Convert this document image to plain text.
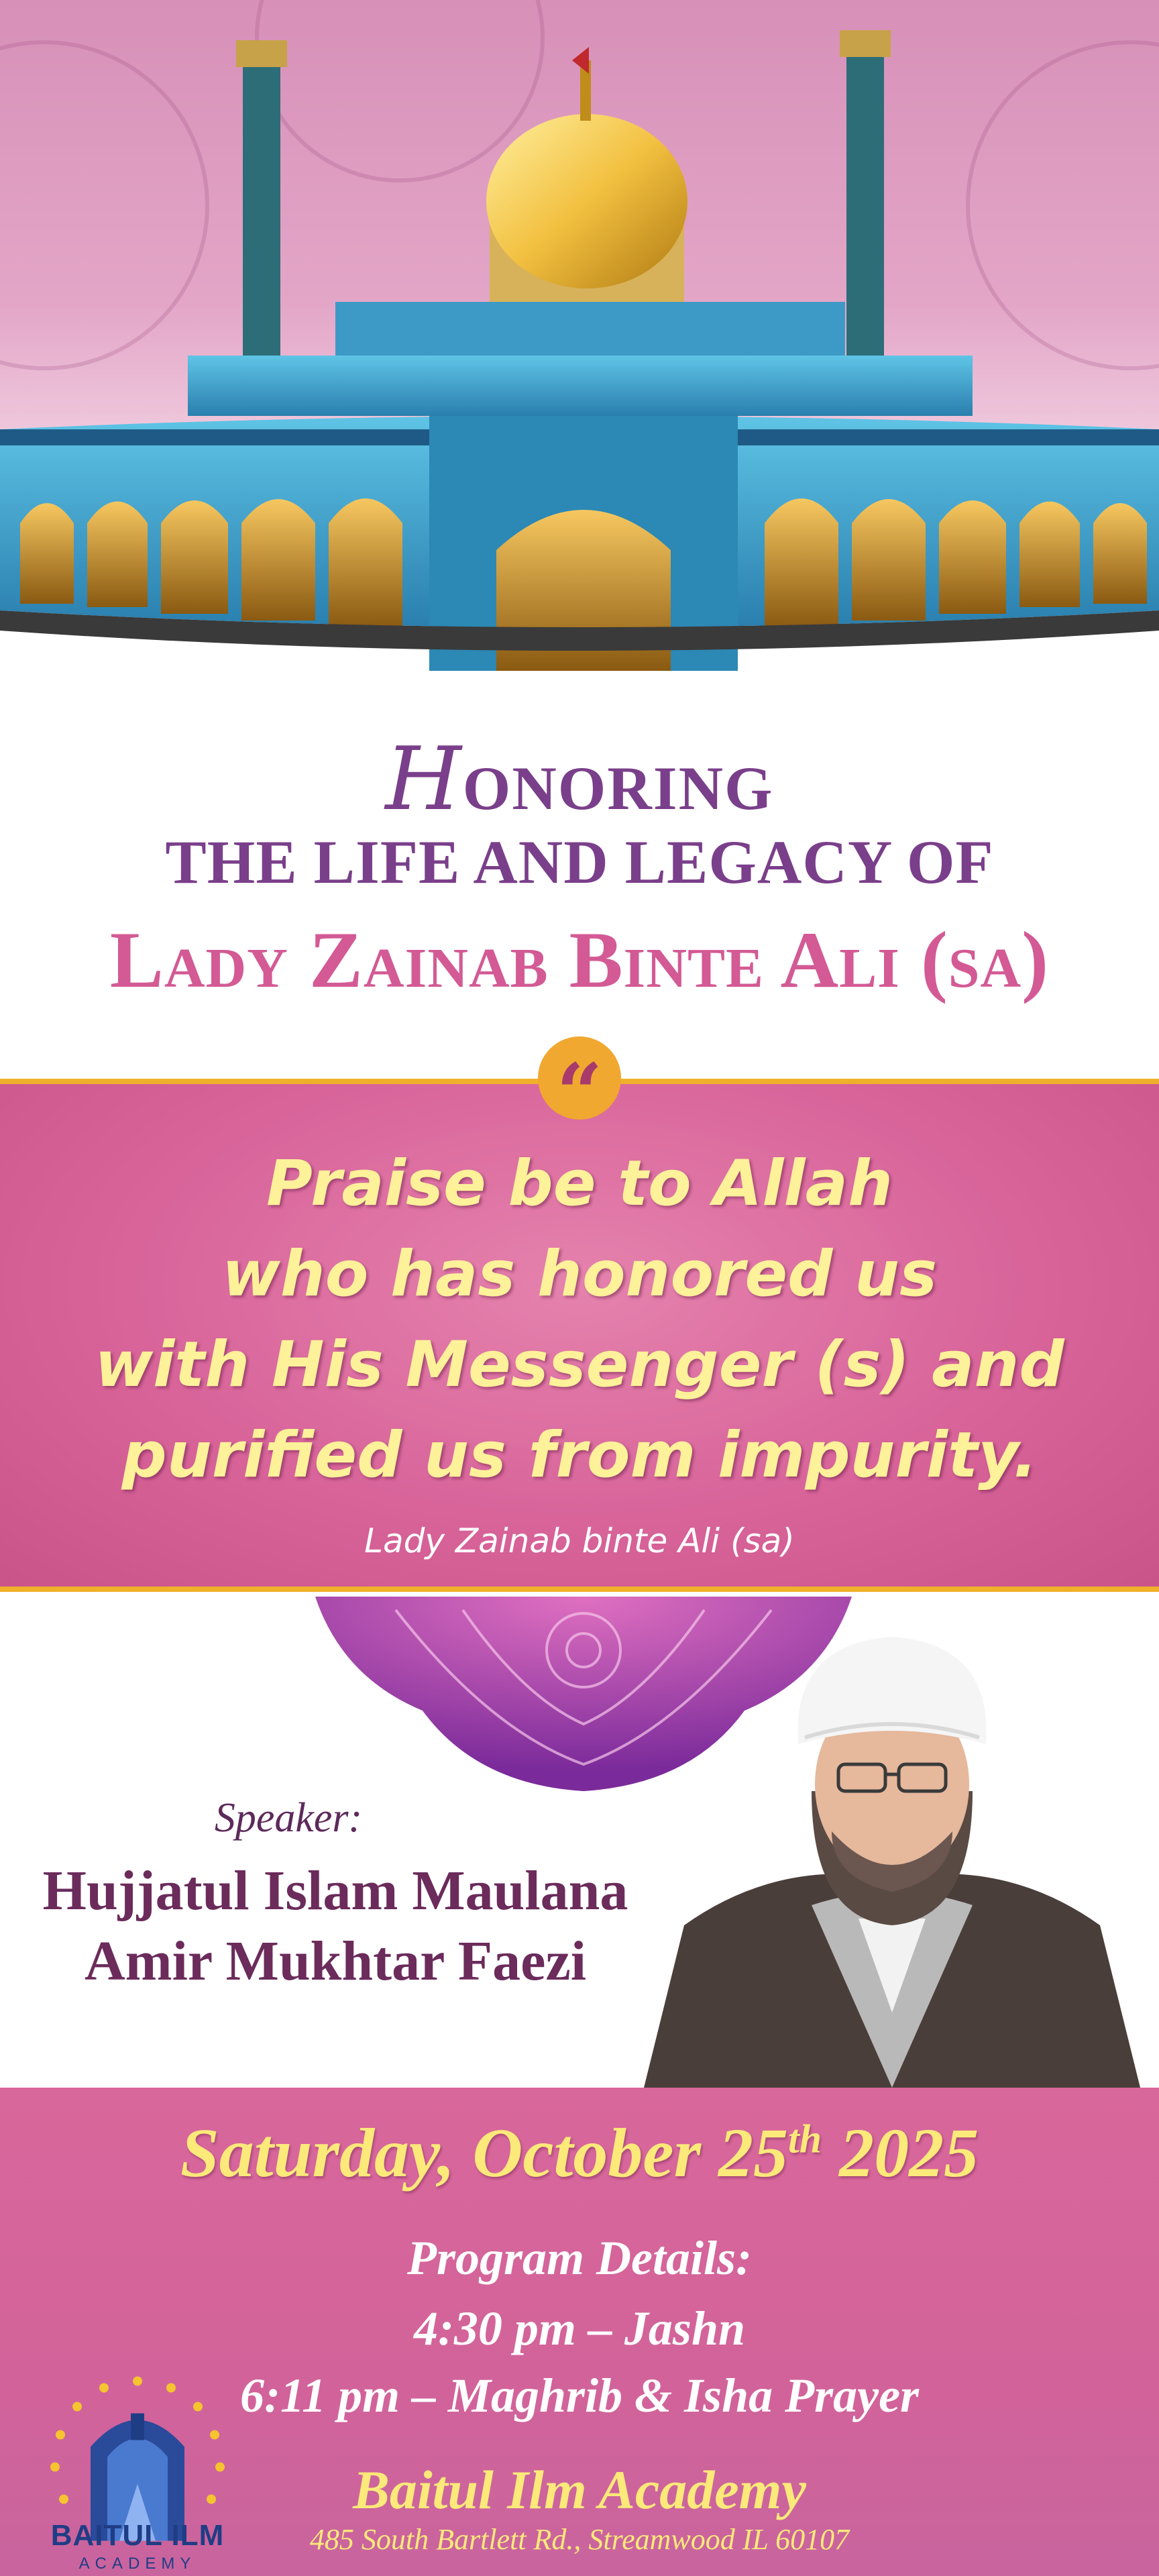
HONORING
THE LIFE AND LEGACY OF
Lady Zainab Binte Ali (sa)
“
Praise be to Allah
who has honored us
with His Messenger (s) and
purified us from impurity.
Lady Zainab binte Ali (sa)
Speaker:
Hujjatul Islam Maulana
Amir Mukhtar Faezi
Saturday, October 25th 2025
Program Details:
4:30 pm – Jashn
6:11 pm – Maghrib & Isha Prayer
Baitul Ilm Academy
485 South Bartlett Rd., Streamwood IL 60107
BAITUL ILM
ACADEMY
